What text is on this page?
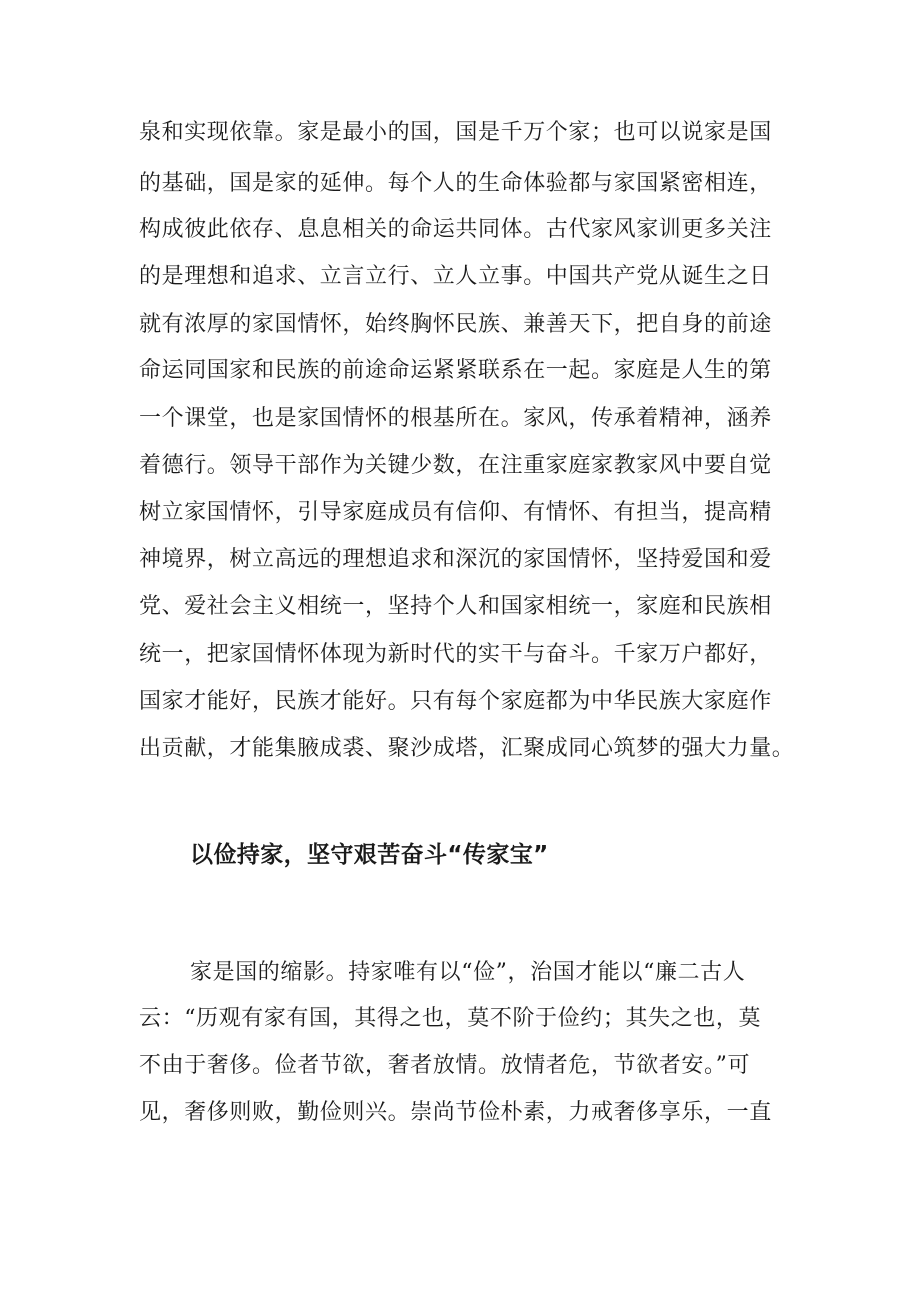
泉和实现依靠。家是最小的国，国是千万个家；也可以说家是国
的基础，国是家的延伸。每个人的生命体验都与家国紧密相连，
构成彼此依存、息息相关的命运共同体。古代家风家训更多关注
的是理想和追求、立言立行、立人立事。中国共产党从诞生之日
就有浓厚的家国情怀，始终胸怀民族、兼善天下，把自身的前途
命运同国家和民族的前途命运紧紧联系在一起。家庭是人生的第
一个课堂，也是家国情怀的根基所在。家风，传承着精神，涵养
着德行。领导干部作为关键少数，在注重家庭家教家风中要自觉
树立家国情怀，引导家庭成员有信仰、有情怀、有担当，提高精
神境界，树立高远的理想追求和深沉的家国情怀，坚持爱国和爱
党、爱社会主义相统一，坚持个人和国家相统一，家庭和民族相
统一，把家国情怀体现为新时代的实干与奋斗。千家万户都好，
国家才能好，民族才能好。只有每个家庭都为中华民族大家庭作
出贡献，才能集腋成裘、聚沙成塔，汇聚成同心筑梦的强大力量。
以俭持家，坚守艰苦奋斗“传家宝”
家是国的缩影。持家唯有以“俭”，治国才能以“廉二古人
云：“历观有家有国，其得之也，莫不阶于俭约；其失之也，莫
不由于奢侈。俭者节欲，奢者放情。放情者危，节欲者安。”可
见，奢侈则败，勤俭则兴。崇尚节俭朴素，力戒奢侈享乐，一直
